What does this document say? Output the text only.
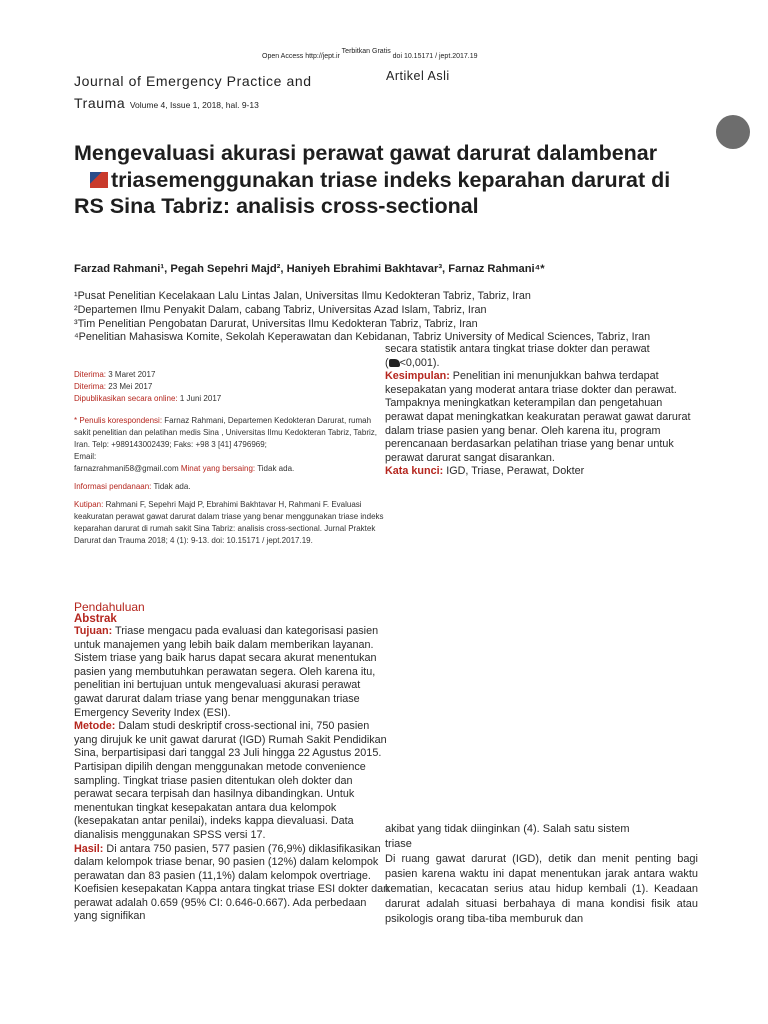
Open Access http://jept.ir Terbitkan Gratis doi 10.15171 / jept.2017.19
Journal of Emergency Practice and
Trauma Volume 4, Issue 1, 2018, hal. 9-13
Artikel Asli
Mengevaluasi akurasi perawat gawat darurat dalambenartriasemenggunakan triase indeks keparahan darurat di RS Sina Tabriz: analisis cross-sectional
Farzad Rahmani¹, Pegah Sepehri Majd², Haniyeh Ebrahimi Bakhtavar³, Farnaz Rahmani⁴*
¹Pusat Penelitian Kecelakaan Lalu Lintas Jalan, Universitas Ilmu Kedokteran Tabriz, Tabriz, Iran
²Departemen Ilmu Penyakit Dalam, cabang Tabriz, Universitas Azad Islam, Tabriz, Iran
³Tim Penelitian Pengobatan Darurat, Universitas Ilmu Kedokteran Tabriz, Tabriz, Iran
⁴Penelitian Mahasiswa Komite, Sekolah Keperawatan dan Kebidanan, Tabriz University of Medical Sciences, Tabriz, Iran

Diterima: 3 Maret 2017

Diterima: 23 Mei 2017

Dipublikasikan secara online: 1 Juni 2017

* Penulis korespondensi: Farnaz Rahmani, Departemen Kedokteran Darurat, rumah sakit penelitian dan pelatihan medis Sina , Universitas Ilmu Kedokteran Tabriz, Tabriz, Iran. Telp: +989143002439; Faks: +98 3 [41] 4796969;

Email:

farnazrahmani58@gmail.com Minat yang bersaing: Tidak ada.

Informasi pendanaan: Tidak ada.

Kutipan: Rahmani F, Sepehri Majd P, Ebrahimi Bakhtavar H, Rahmani F. Evaluasi keakuratan perawat gawat darurat dalam triase yang benar menggunakan triase indeks keparahan darurat di rumah sakit Sina Tabriz: analisis cross-sectional. Jurnal Praktek Darurat dan Trauma 2018; 4 (1): 9-13. doi: 10.15171 / jept.2017.19.

secara statistik antara tingkat triase dokter dan perawat

( <0,001).

Kesimpulan: Penelitian ini menunjukkan bahwa terdapat kesepakatan yang moderat antara triase dokter dan perawat. Tampaknya meningkatkan keterampilan dan pengetahuan perawat dapat meningkatkan keakuratan perawat gawat darurat dalam triase pasien yang benar. Oleh karena itu, program perencanaan berdasarkan pelatihan triase yang benar untuk perawat darurat sangat disarankan.

Kata kunci: IGD, Triase, Perawat, Dokter

Pendahuluan
Abstrak

Tujuan: Triase mengacu pada evaluasi dan kategorisasi pasien untuk manajemen yang lebih baik dalam memberikan layanan. Sistem triase yang baik harus dapat secara akurat menentukan pasien yang membutuhkan perawatan segera. Oleh karena itu, penelitian ini bertujuan untuk mengevaluasi akurasi perawat gawat darurat dalam triase yang benar menggunakan triase Emergency Severity Index (ESI).

Metode: Dalam studi deskriptif cross-sectional ini, 750 pasien yang dirujuk ke unit gawat darurat (IGD) Rumah Sakit Pendidikan Sina, berpartisipasi dari tanggal 23 Juli hingga 22 Agustus 2015. Partisipan dipilih dengan menggunakan metode convenience sampling. Tingkat triase pasien ditentukan oleh dokter dan perawat secara terpisah dan hasilnya dibandingkan. Untuk menentukan tingkat kesepakatan antara dua kelompok (kesepakatan antar penilai), indeks kappa dievaluasi. Data dianalisis menggunakan SPSS versi 17.

Hasil: Di antara 750 pasien, 577 pasien (76,9%) diklasifikasikan dalam kelompok triase benar, 90 pasien (12%) dalam kelompok perawatan dan 83 pasien (11,1%) dalam kelompok overtriage. Koefisien kesepakatan Kappa antara tingkat triase ESI dokter dan perawat adalah 0.659 (95% CI: 0.646-0.667). Ada perbedaan yang signifikan

akibat yang tidak diinginkan (4). Salah satu sistem

triase

Di ruang gawat darurat (IGD), detik dan menit penting bagi pasien karena waktu ini dapat menentukan jarak antara waktu kematian, kecacatan serius atau hidup kembali (1). Keadaan darurat adalah situasi berbahaya di mana kondisi fisik atau psikologis orang tiba-tiba memburuk dan
